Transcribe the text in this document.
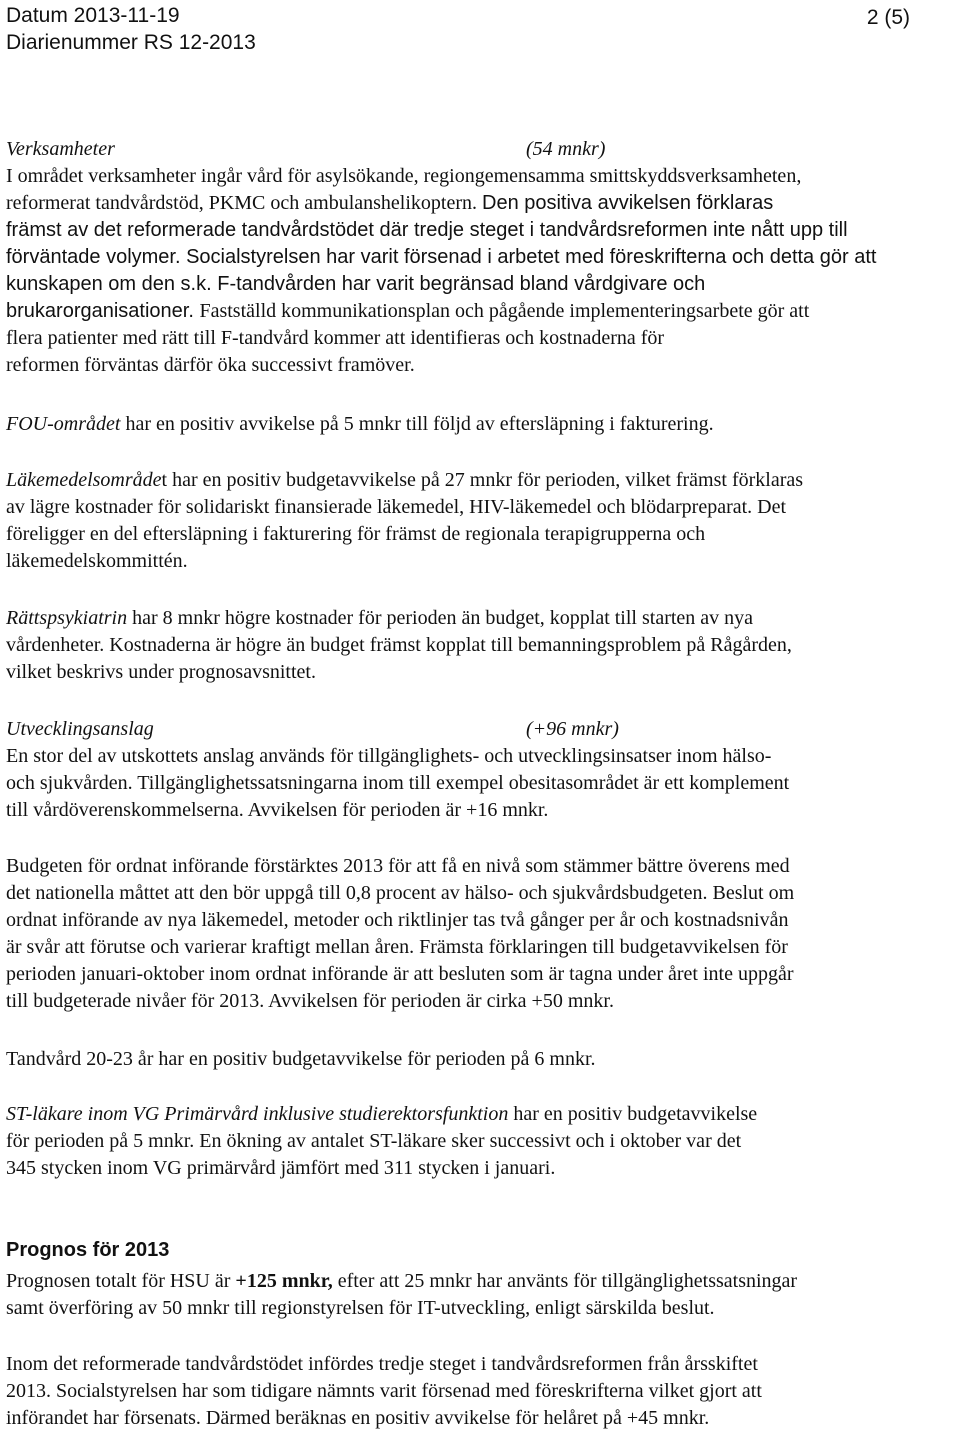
Datum 2013-11-19
Diarienummer RS 12-2013
2 (5)
Verksamheter	(54 mnkr)

I området verksamheter ingår vård för asylsökande, regiongemensamma smittskyddsverksamheten,

reformerat tandvårdstöd, PKMC och ambulanshelikoptern. Den positiva avvikelsen förklaras

främst av det reformerade tandvårdstödet där tredje steget i tandvårdsreformen inte nått upp till

förväntade volymer. Socialstyrelsen har varit försenad i arbetet med föreskrifterna och detta gör att

kunskapen om den s.k. F-tandvården har varit begränsad bland vårdgivare och

brukarorganisationer. Fastställd kommunikationsplan och pågående implementeringsarbete gör att

flera patienter med rätt till F-tandvård kommer att identifieras och kostnaderna för

reformen förväntas därför öka successivt framöver.

FOU-området har en positiv avvikelse på 5 mnkr till följd av eftersläpning i fakturering.

Läkemedelsområdet har en positiv budgetavvikelse på 27 mnkr för perioden, vilket främst förklaras

av lägre kostnader för solidariskt finansierade läkemedel, HIV-läkemedel och blödarpreparat. Det

föreligger en del eftersläpning i fakturering för främst de regionala terapigrupperna och

läkemedelskommittén.

Rättspsykiatrin har 8 mnkr högre kostnader för perioden än budget, kopplat till starten av nya

vårdenheter. Kostnaderna är högre än budget främst kopplat till bemanningsproblem på Rågården,

vilket beskrivs under prognosavsnittet.

Utvecklingsanslag	(+96 mnkr)

En stor del av utskottets anslag används för tillgänglighets- och utvecklingsinsatser inom hälso-

och sjukvården. Tillgänglighetssatsningarna inom till exempel obesitasområdet är ett komplement

till vårdöverenskommelserna. Avvikelsen för perioden är +16 mnkr.

Budgeten för ordnat införande förstärktes 2013 för att få en nivå som stämmer bättre överens med

det nationella måttet att den bör uppgå till 0,8 procent av hälso- och sjukvårdsbudgeten. Beslut om

ordnat införande av nya läkemedel, metoder och riktlinjer tas två gånger per år och kostnadsnivån

är svår att förutse och varierar kraftigt mellan åren. Främsta förklaringen till budgetavvikelsen för

perioden januari-oktober inom ordnat införande är att besluten som är tagna under året inte uppgår

till budgeterade nivåer för 2013. Avvikelsen för perioden är cirka +50 mnkr.

Tandvård 20-23 år har en positiv budgetavvikelse för perioden på 6 mnkr.

ST-läkare inom VG Primärvård inklusive studierektorsfunktion har en positiv budgetavvikelse

för perioden på 5 mnkr. En ökning av antalet ST-läkare sker successivt och i oktober var det

345 stycken inom VG primärvård jämfört med 311 stycken i januari.

Prognos för 2013

Prognosen totalt för HSU är +125 mnkr, efter att 25 mnkr har använts för tillgänglighetssatsningar

samt överföring av 50 mnkr till regionstyrelsen för IT-utveckling, enligt särskilda beslut.

Inom det reformerade tandvårdstödet infördes tredje steget i tandvårdsreformen från årsskiftet

2013. Socialstyrelsen har som tidigare nämnts varit försenad med föreskrifterna vilket gjort att

införandet har försenats. Därmed beräknas en positiv avvikelse för helåret på +45 mnkr.
